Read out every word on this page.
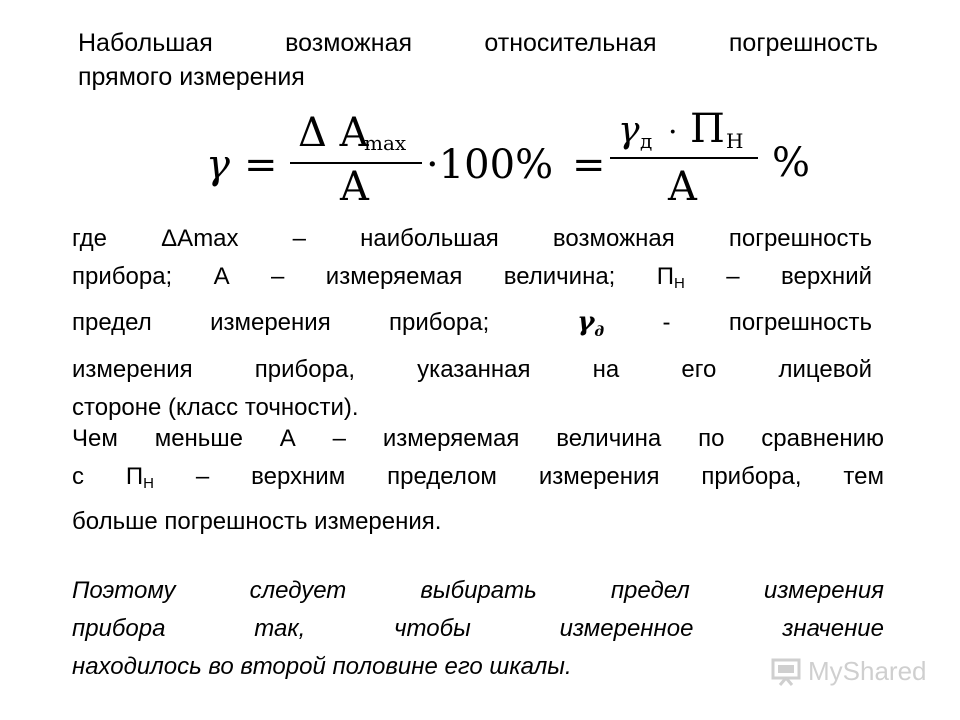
Набольшая возможная относительная погрешность
прямого измерения
γ =
Δ A
max
A ·100% =
γ д · Π Н
A
%
где ΔAmax – наибольшая возможная погрешность
прибора; А – измеряемая величина; $П_Н$ – верхний
предел измерения прибора;	$\gamma_д$ - погрешность
измерения прибора, указанная на его лицевой
стороне (класс точности).
Чем меньше А – измеряемая величина по сравнению
с $П_Н$ – верхним пределом измерения прибора, тем
больше погрешность измерения.
Поэтому следует выбирать предел измерения
прибора так, чтобы измеренное значение
находилось во второй половине его шкалы.	MyShared
